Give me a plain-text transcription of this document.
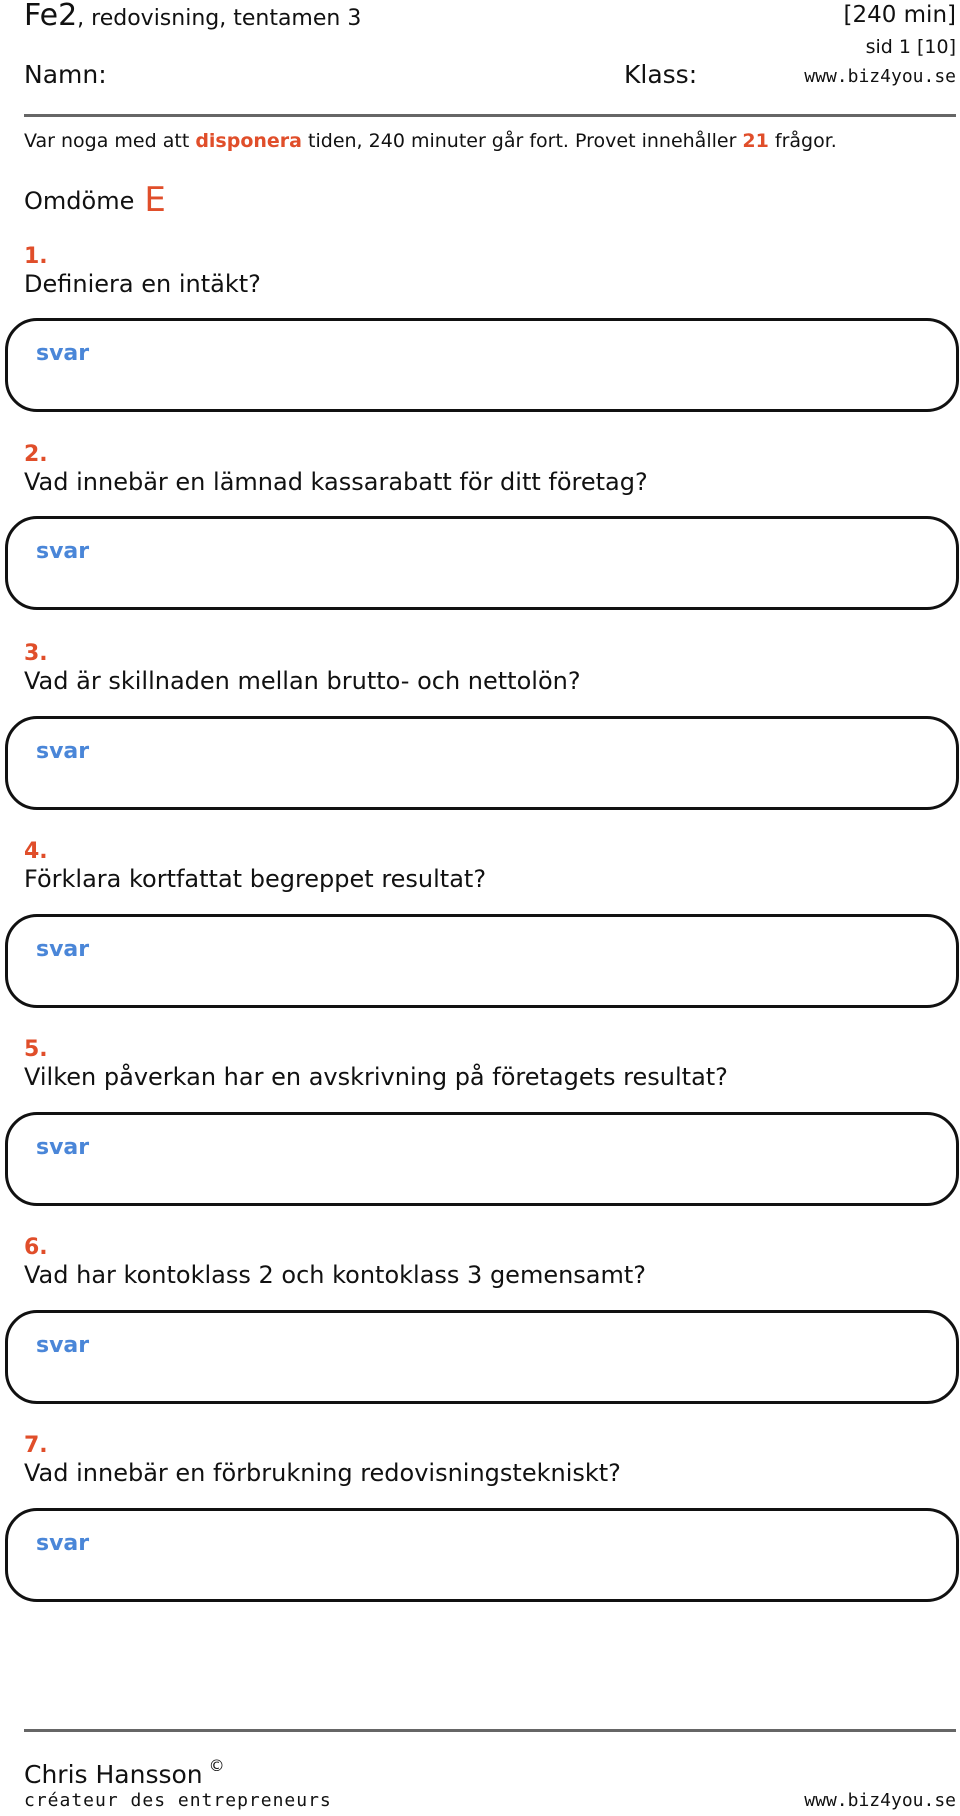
Fe2, redovisning, tentamen 3	[240 min]
sid 1 [10]
Namn:	Klass:	www.biz4you.se
Var noga med att disponera tiden, 240 minuter går fort. Provet innehåller 21 frågor.
Omdöme E
1.
Definiera en intäkt?
svar
2.
Vad innebär en lämnad kassarabatt för ditt företag?
svar
3.
Vad är skillnaden mellan brutto- och nettolön?
svar
4.
Förklara kortfattat begreppet resultat?
svar
5.
Vilken påverkan har en avskrivning på företagets resultat?
svar
6.
Vad har kontoklass 2 och kontoklass 3 gemensamt?
svar
7.
Vad innebär en förbrukning redovisningstekniskt?
svar
Chris Hansson ©
créateur des entrepreneurs	www.biz4you.se
